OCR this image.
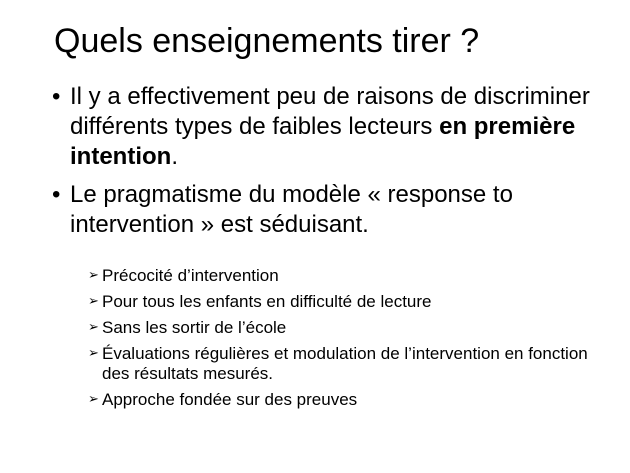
Quels enseignements tirer ?
• Il y a effectivement peu de raisons de discriminer différents types de faibles lecteurs en première intention.
• Le pragmatisme du modèle « response to intervention » est séduisant.
➢ Précocité d’intervention
➢ Pour tous les enfants en difficulté de lecture
➢ Sans les sortir de l’école
➢ Évaluations régulières et modulation de l’intervention en fonction des résultats mesurés.
➢ Approche fondée sur des preuves
